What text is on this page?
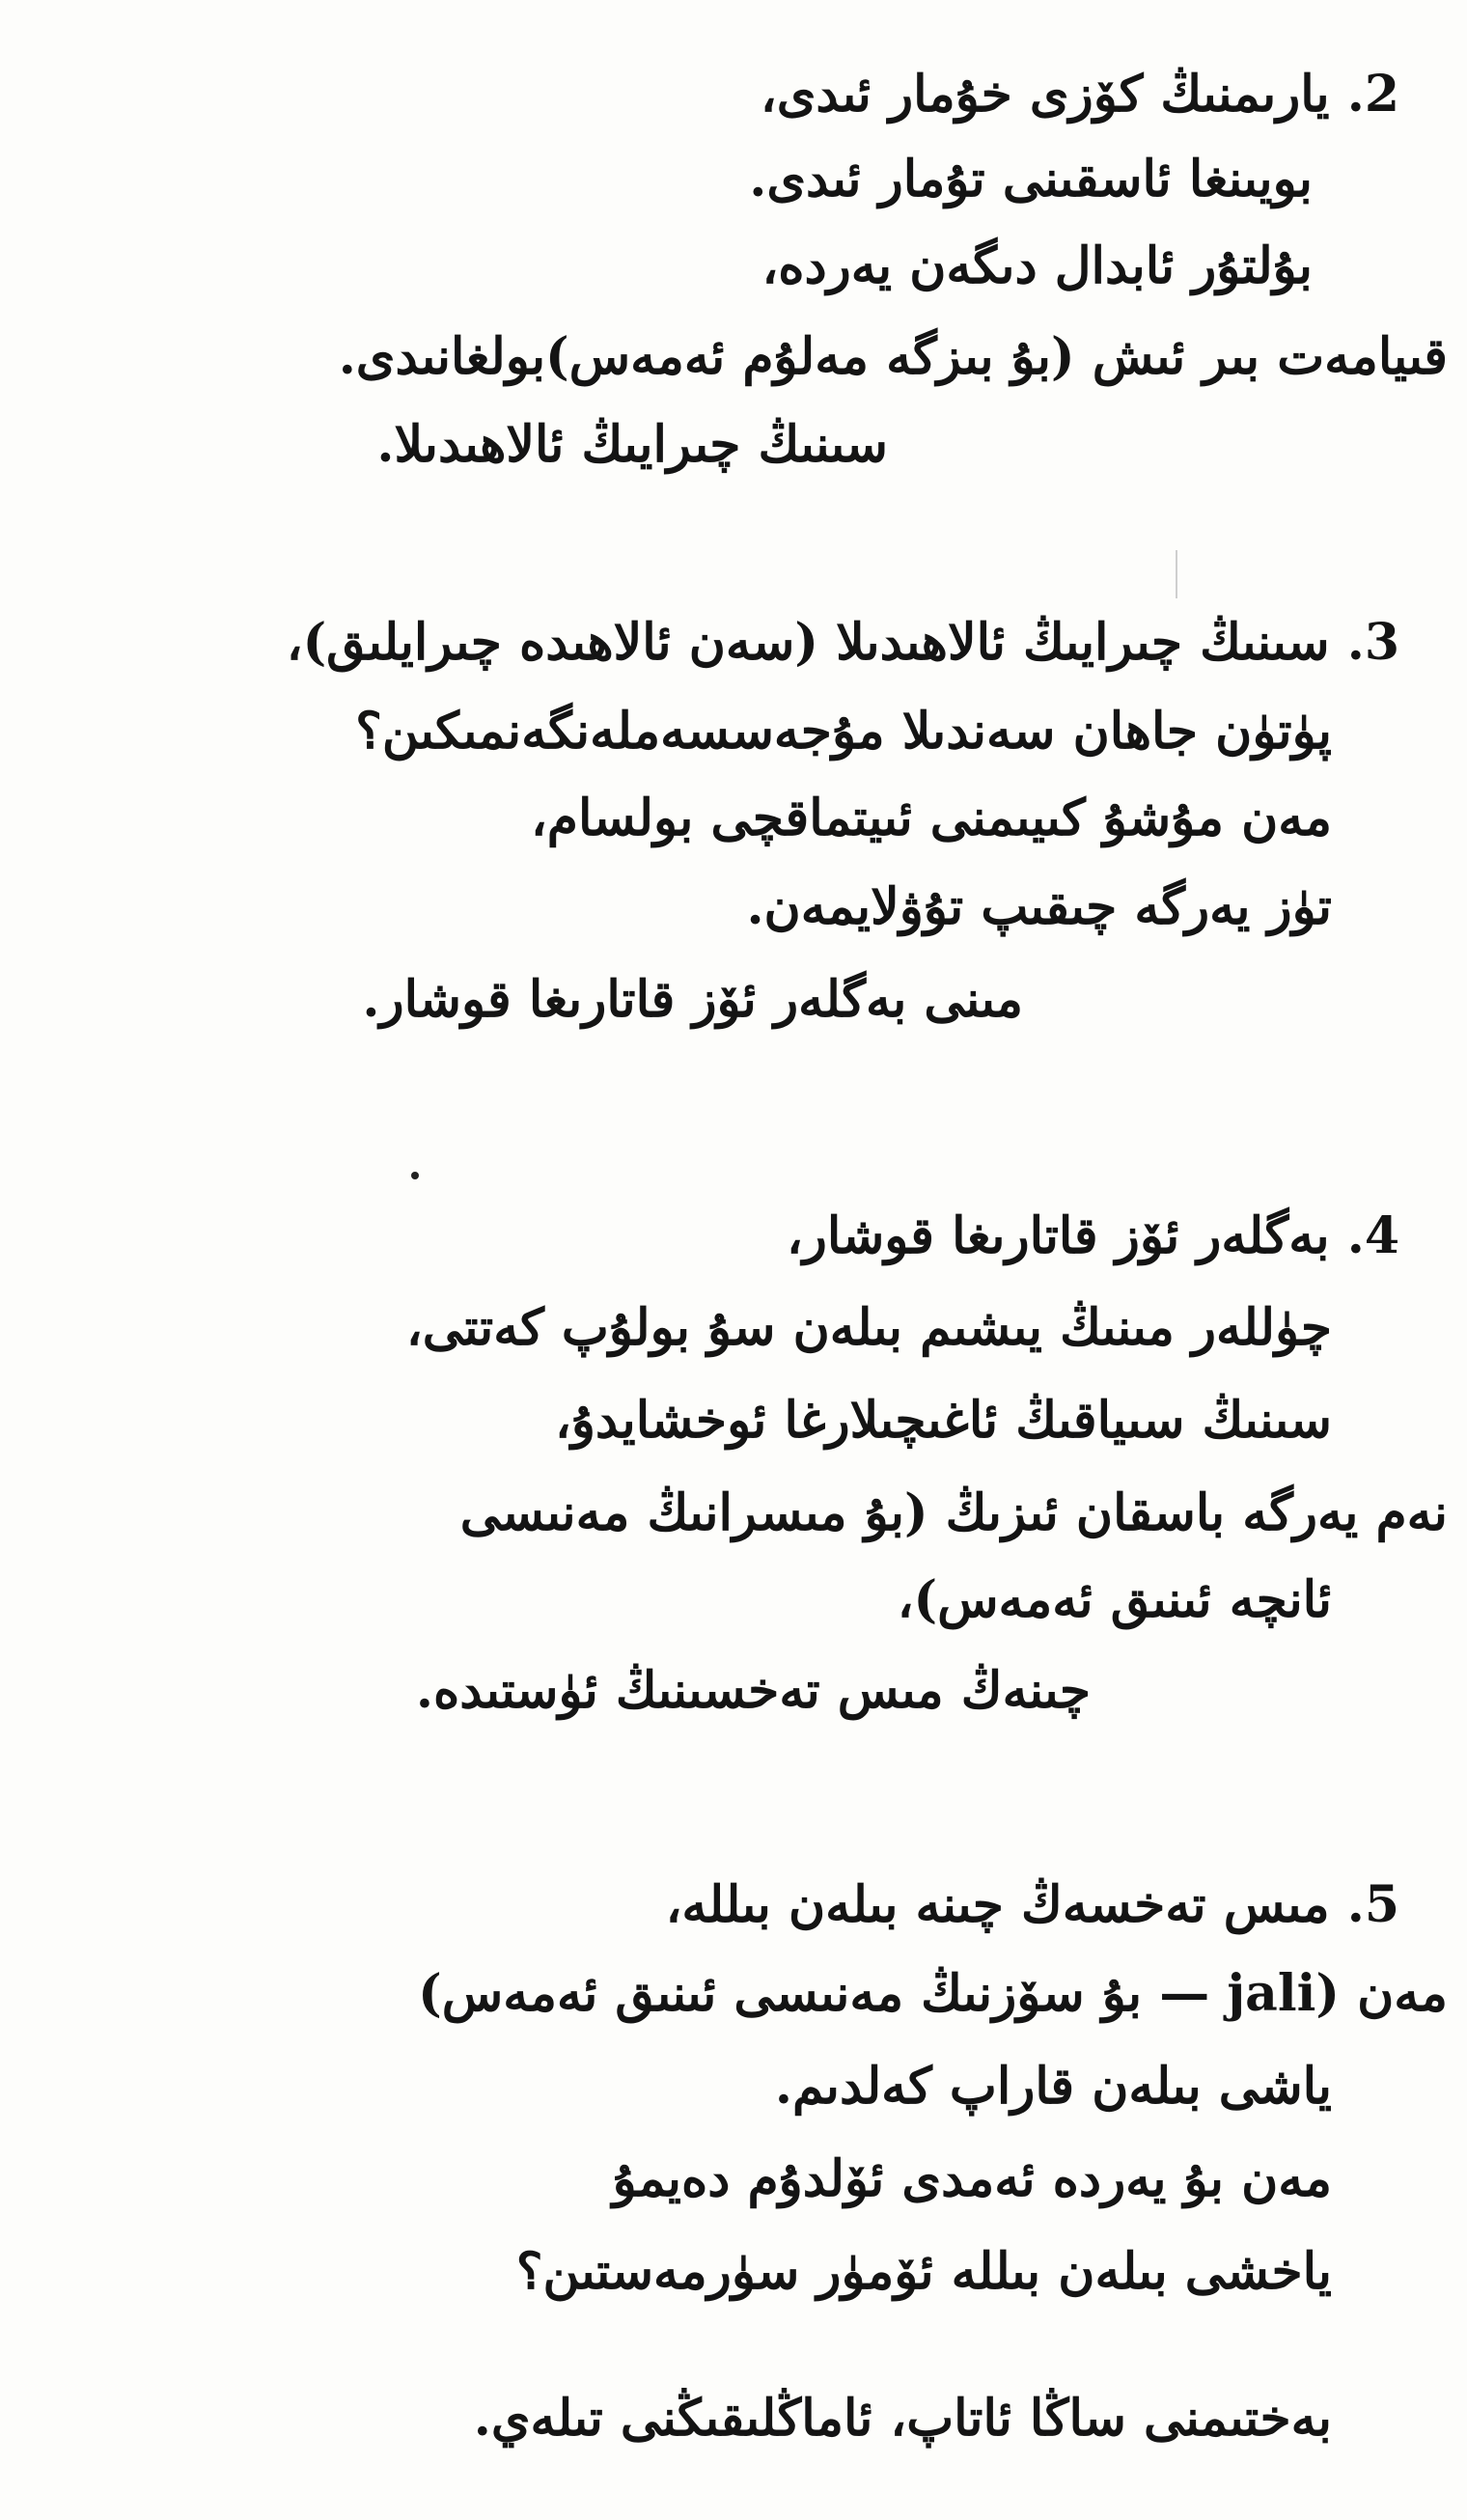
2. يارىمنىڭ كۆزى خۇمار ئىدى،
بويىنغا ئاسقىنى تۇمار ئىدى.
بۇلتۇر ئابدال دىگەن يەردە،
قىيامەت بىر ئىش (بۇ بىزگە مەلۇم ئەمەس)بولغانىدى.
سىنىڭ چىرايىڭ ئالاھىدىلا.
3. سىنىڭ چىرايىڭ ئالاھىدىلا (سەن ئالاھىدە چىرايلىق)،
پۈتۈن جاھان سەندىلا مۇجەسسەملەنگەنمىكىن؟
مەن مۇشۇ كىيىمنى ئىيتماقچى بولسام،
تۈز يەرگە چىقىپ تۇۋلايمەن.
مىنى بەگلەر ئۆز قاتارىغا قوشار.
4. بەگلەر ئۆز قاتارىغا قوشار،
چۈللەر مىنىڭ يىشىم بىلەن سۇ بولۇپ كەتتى،
سىنىڭ سىياقىڭ ئاغىچىلارغا ئوخشايدۇ،
نەم يەرگە باسقان ئىزىڭ (بۇ مىسرانىڭ مەنىسى
ئانچە ئىنىق ئەمەس)،
چىنەڭ مىس تەخسىنىڭ ئۈستىدە.
5. مىس تەخسەڭ چىنە بىلەن بىللە،
مەن (jali — بۇ سۆزنىڭ مەنىسى ئىنىق ئەمەس)
ياشى بىلەن قاراپ كەلدىم.
مەن بۇ يەردە ئەمدى ئۆلدۇم دەيمۇ
ياخشى بىلەن بىللە ئۆمۈر سۈرمەستىن؟
بەختىمنى ساڭا ئاتاپ، ئاماڭلىقىڭنى تىلەي.
